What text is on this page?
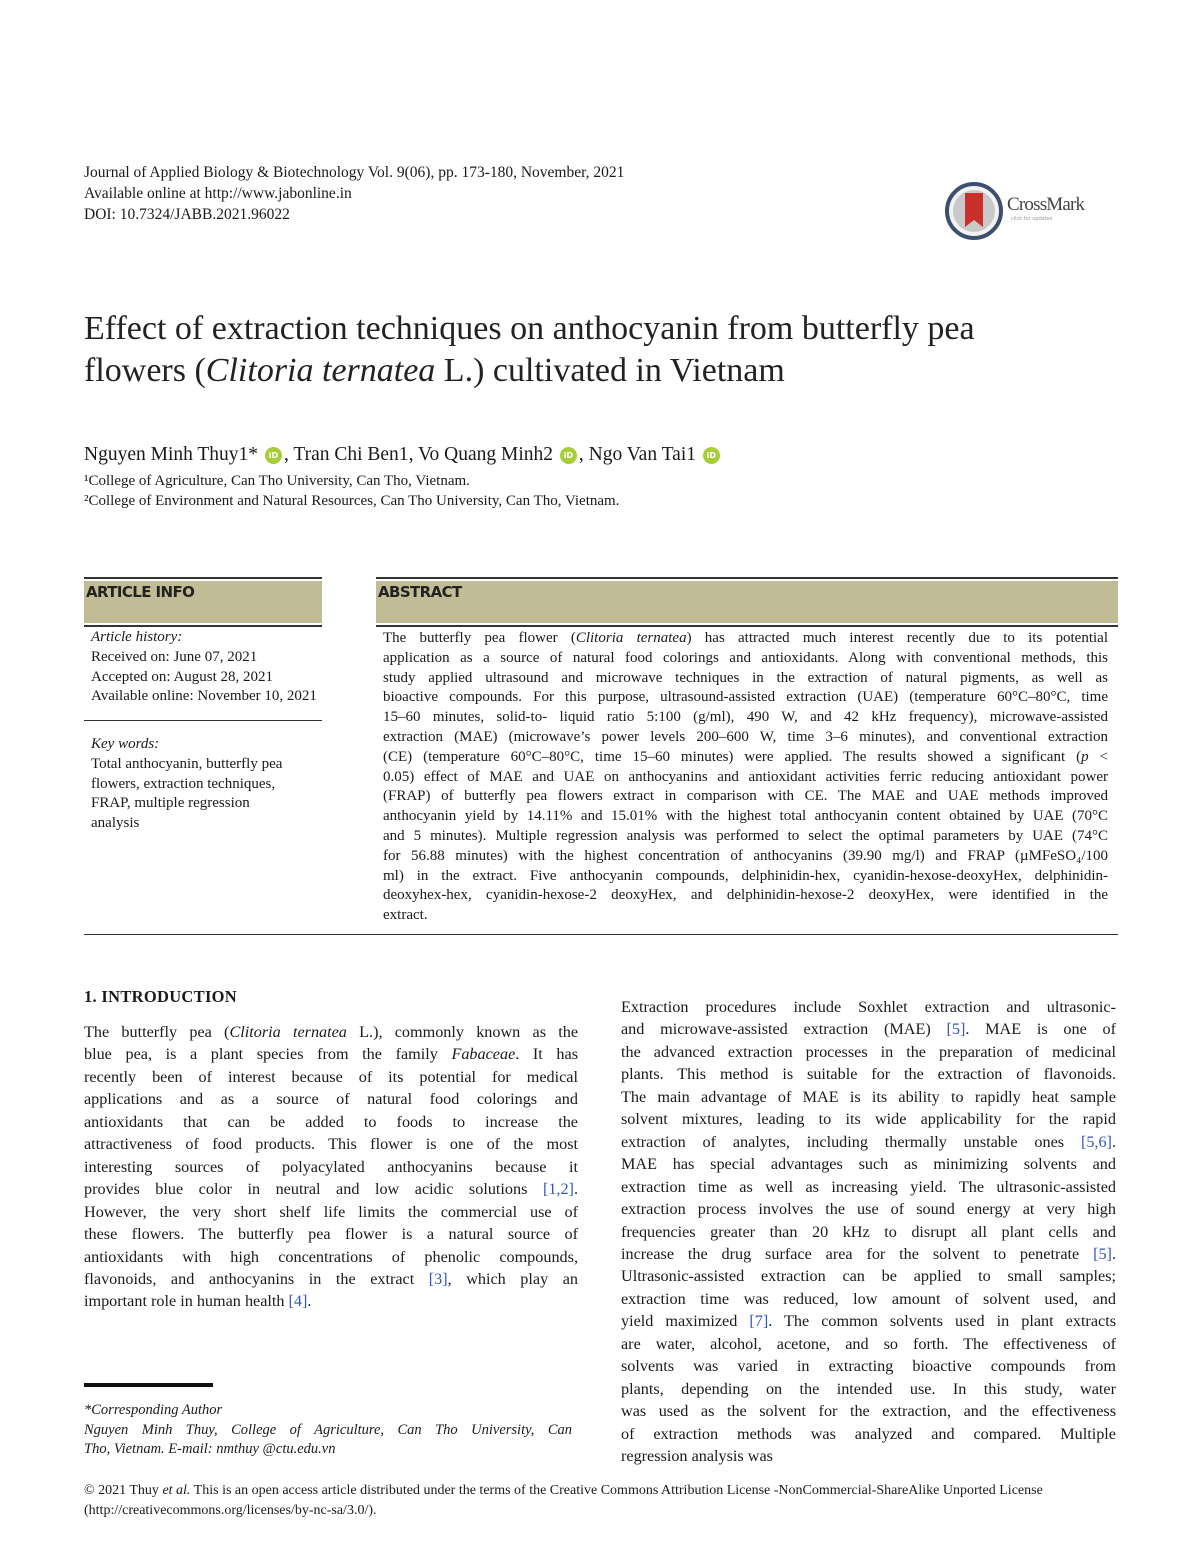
Journal of Applied Biology & Biotechnology Vol. 9(06), pp. 173-180, November, 2021
Available online at http://www.jabonline.in
DOI: 10.7324/JABB.2021.96022	CrossMark
click for updates
Effect of extraction techniques on anthocyanin from butterfly pea
flowers (Clitoria ternatea L.) cultivated in Vietnam
Nguyen Minh Thuy1* iD , Tran Chi Ben1, Vo Quang Minh2 iD , Ngo Van Tai1 iD
¹College of Agriculture, Can Tho University, Can Tho, Vietnam.
²College of Environment and Natural Resources, Can Tho University, Can Tho, Vietnam.
ARTICLE INFO
Article history:
Received on: June 07, 2021
Accepted on: August 28, 2021
Available online: November 10, 2021
Key words:
Total anthocyanin, butterfly pea
flowers, extraction techniques,
FRAP, multiple regression
analysis
ABSTRACT
The butterfly pea flower (Clitoria ternatea) has attracted much interest recently due to its potential
application as a source of natural food colorings and antioxidants. Along with conventional methods, this
study applied ultrasound and microwave techniques in the extraction of natural pigments, as well as
bioactive compounds. For this purpose, ultrasound-assisted extraction (UAE) (temperature 60°C–80°C, time
15–60 minutes, solid-to- liquid ratio 5:100 (g/ml), 490 W, and 42 kHz frequency), microwave-assisted
extraction (MAE) (microwave’s power levels 200–600 W, time 3–6 minutes), and conventional extraction
(CE) (temperature 60°C–80°C, time 15–60 minutes) were applied. The results showed a significant (p <
0.05) effect of MAE and UAE on anthocyanins and antioxidant activities ferric reducing antioxidant power
(FRAP) of butterfly pea flowers extract in comparison with CE. The MAE and UAE methods improved
anthocyanin yield by 14.11% and 15.01% with the highest total anthocyanin content obtained by UAE (70°C
and 5 minutes). Multiple regression analysis was performed to select the optimal parameters by UAE (74°C
for 56.88 minutes) with the highest concentration of anthocyanins (39.90 mg/l) and FRAP (µMFeSO₄/100
ml) in the extract. Five anthocyanin compounds, delphinidin-hex, cyanidin-hexose-deoxyHex, delphinidin-
deoxyhex-hex, cyanidin-hexose-2 deoxyHex, and delphinidin-hexose-2 deoxyHex, were identified in the
extract.
1. INTRODUCTION
The butterfly pea (Clitoria ternatea L.), commonly known as the
blue pea, is a plant species from the family Fabaceae. It has
recently been of interest because of its potential for medical
applications and as a source of natural food colorings and
antioxidants that can be added to foods to increase the
attractiveness of food products. This flower is one of the most
interesting sources of polyacylated anthocyanins because it
provides blue color in neutral and low acidic solutions [1,2].
However, the very short shelf life limits the commercial use of
these flowers. The butterfly pea flower is a natural source of
antioxidants with high concentrations of phenolic compounds,
flavonoids, and anthocyanins in the extract [3], which play an
important role in human health [4].
Extraction procedures include Soxhlet extraction and ultrasonic-
and microwave-assisted extraction (MAE) [5]. MAE is one of
the advanced extraction processes in the preparation of medicinal
plants. This method is suitable for the extraction of flavonoids.
The main advantage of MAE is its ability to rapidly heat sample
solvent mixtures, leading to its wide applicability for the rapid
extraction of analytes, including thermally unstable ones [5,6].
MAE has special advantages such as minimizing solvents and
extraction time as well as increasing yield. The ultrasonic-assisted
extraction process involves the use of sound energy at very high
frequencies greater than 20 kHz to disrupt all plant cells and
increase the drug surface area for the solvent to penetrate [5].
Ultrasonic-assisted extraction can be applied to small samples;
extraction time was reduced, low amount of solvent used, and
yield maximized [7]. The common solvents used in plant extracts
are water, alcohol, acetone, and so forth. The effectiveness of
solvents was varied in extracting bioactive compounds from
plants, depending on the intended use. In this study, water
was used as the solvent for the extraction, and the effectiveness
of extraction methods was analyzed and compared. Multiple
regression analysis was
*Corresponding Author
Nguyen Minh Thuy, College of Agriculture, Can Tho University, Can
Tho, Vietnam. E-mail: nmthuy @ctu.edu.vn
© 2021 Thuy et al. This is an open access article distributed under the terms of the Creative Commons Attribution License -NonCommercial-ShareAlike Unported License (http://creativecommons.org/licenses/by-nc-sa/3.0/).
